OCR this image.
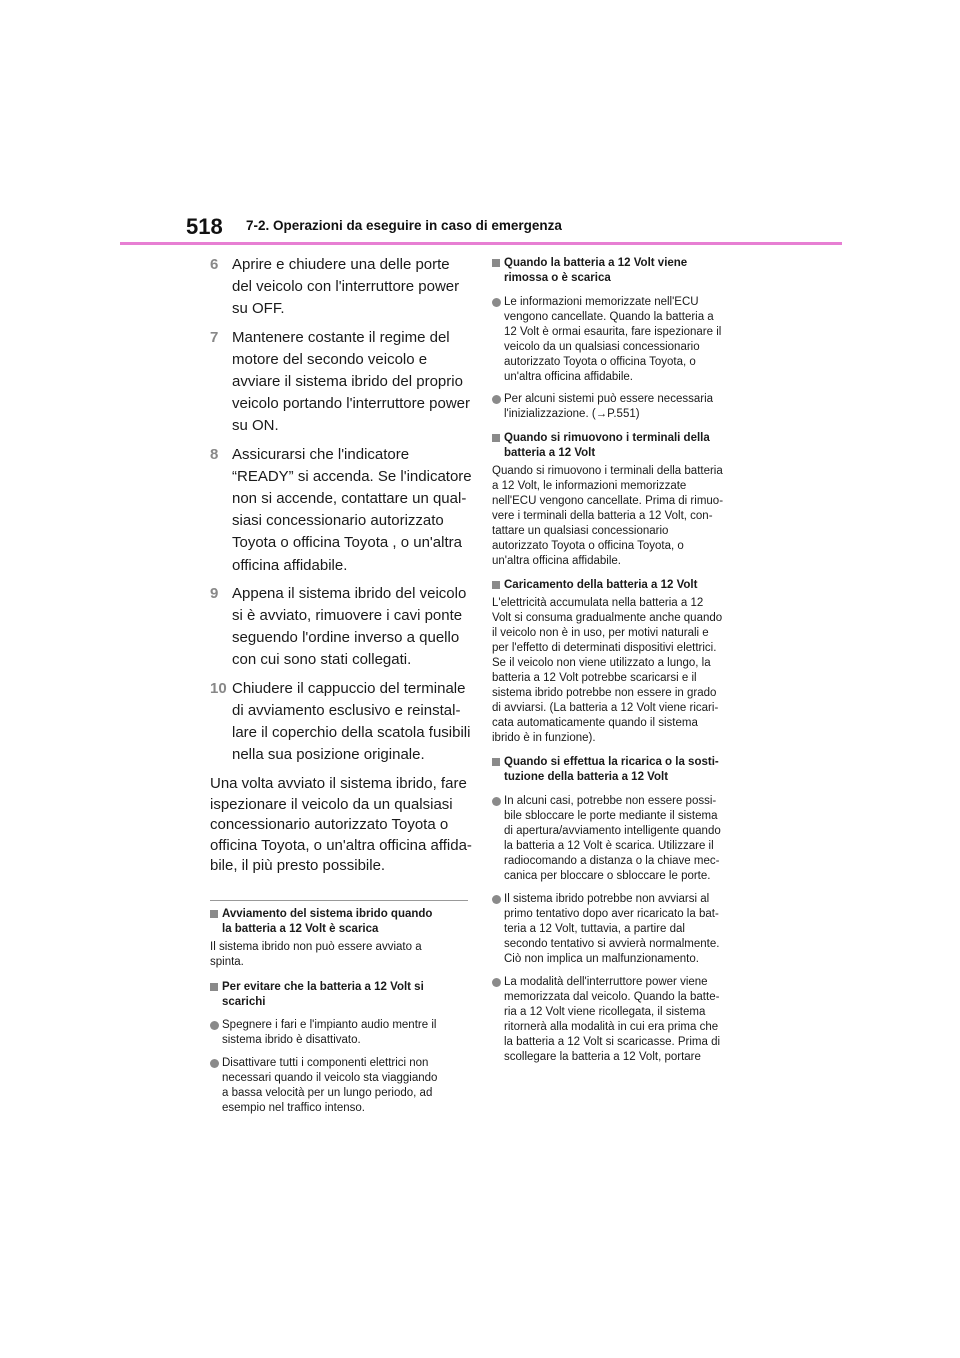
518 7-2. Operazioni da eseguire in caso di emergenza
6 Aprire e chiudere una delle porte
del veicolo con l'interruttore power
su OFF.
7 Mantenere costante il regime del
motore del secondo veicolo e
avviare il sistema ibrido del proprio
veicolo portando l'interruttore power
su ON.
8 Assicurarsi che l'indicatore
“READY” si accenda. Se l'indicatore
non si accende, contattare un qual-
siasi concessionario autorizzato
Toyota o officina Toyota , o un'altra
officina affidabile.
9 Appena il sistema ibrido del veicolo
si è avviato, rimuovere i cavi ponte
seguendo l'ordine inverso a quello
con cui sono stati collegati.
10 Chiudere il cappuccio del terminale
di avviamento esclusivo e reinstal-
lare il coperchio della scatola fusibili
nella sua posizione originale.
Una volta avviato il sistema ibrido, fare
ispezionare il veicolo da un qualsiasi
concessionario autorizzato Toyota o
officina Toyota, o un'altra officina affida-
bile, il più presto possibile.
Avviamento del sistema ibrido quando
la batteria a 12 Volt è scarica
Il sistema ibrido non può essere avviato a
spinta.
Per evitare che la batteria a 12 Volt si
scarichi
Spegnere i fari e l'impianto audio mentre il
sistema ibrido è disattivato.
Disattivare tutti i componenti elettrici non
necessari quando il veicolo sta viaggiando
a bassa velocità per un lungo periodo, ad
esempio nel traffico intenso.
Quando la batteria a 12 Volt viene
rimossa o è scarica
Le informazioni memorizzate nell'ECU
vengono cancellate. Quando la batteria a
12 Volt è ormai esaurita, fare ispezionare il
veicolo da un qualsiasi concessionario
autorizzato Toyota o officina Toyota, o
un'altra officina affidabile.
Per alcuni sistemi può essere necessaria
l'inizializzazione. (→P.551)
Quando si rimuovono i terminali della
batteria a 12 Volt
Quando si rimuovono i terminali della batteria
a 12 Volt, le informazioni memorizzate
nell'ECU vengono cancellate. Prima di rimuo-
vere i terminali della batteria a 12 Volt, con-
tattare un qualsiasi concessionario
autorizzato Toyota o officina Toyota, o
un'altra officina affidabile.
Caricamento della batteria a 12 Volt
L'elettricità accumulata nella batteria a 12
Volt si consuma gradualmente anche quando
il veicolo non è in uso, per motivi naturali e
per l'effetto di determinati dispositivi elettrici.
Se il veicolo non viene utilizzato a lungo, la
batteria a 12 Volt potrebbe scaricarsi e il
sistema ibrido potrebbe non essere in grado
di avviarsi. (La batteria a 12 Volt viene ricari-
cata automaticamente quando il sistema
ibrido è in funzione).
Quando si effettua la ricarica o la sosti-
tuzione della batteria a 12 Volt
In alcuni casi, potrebbe non essere possi-
bile sbloccare le porte mediante il sistema
di apertura/avviamento intelligente quando
la batteria a 12 Volt è scarica. Utilizzare il
radiocomando a distanza o la chiave mec-
canica per bloccare o sbloccare le porte.
Il sistema ibrido potrebbe non avviarsi al
primo tentativo dopo aver ricaricato la bat-
teria a 12 Volt, tuttavia, a partire dal
secondo tentativo si avvierà normalmente.
Ciò non implica un malfunzionamento.
La modalità dell'interruttore power viene
memorizzata dal veicolo. Quando la batte-
ria a 12 Volt viene ricollegata, il sistema
ritornerà alla modalità in cui era prima che
la batteria a 12 Volt si scaricasse. Prima di
scollegare la batteria a 12 Volt, portare
